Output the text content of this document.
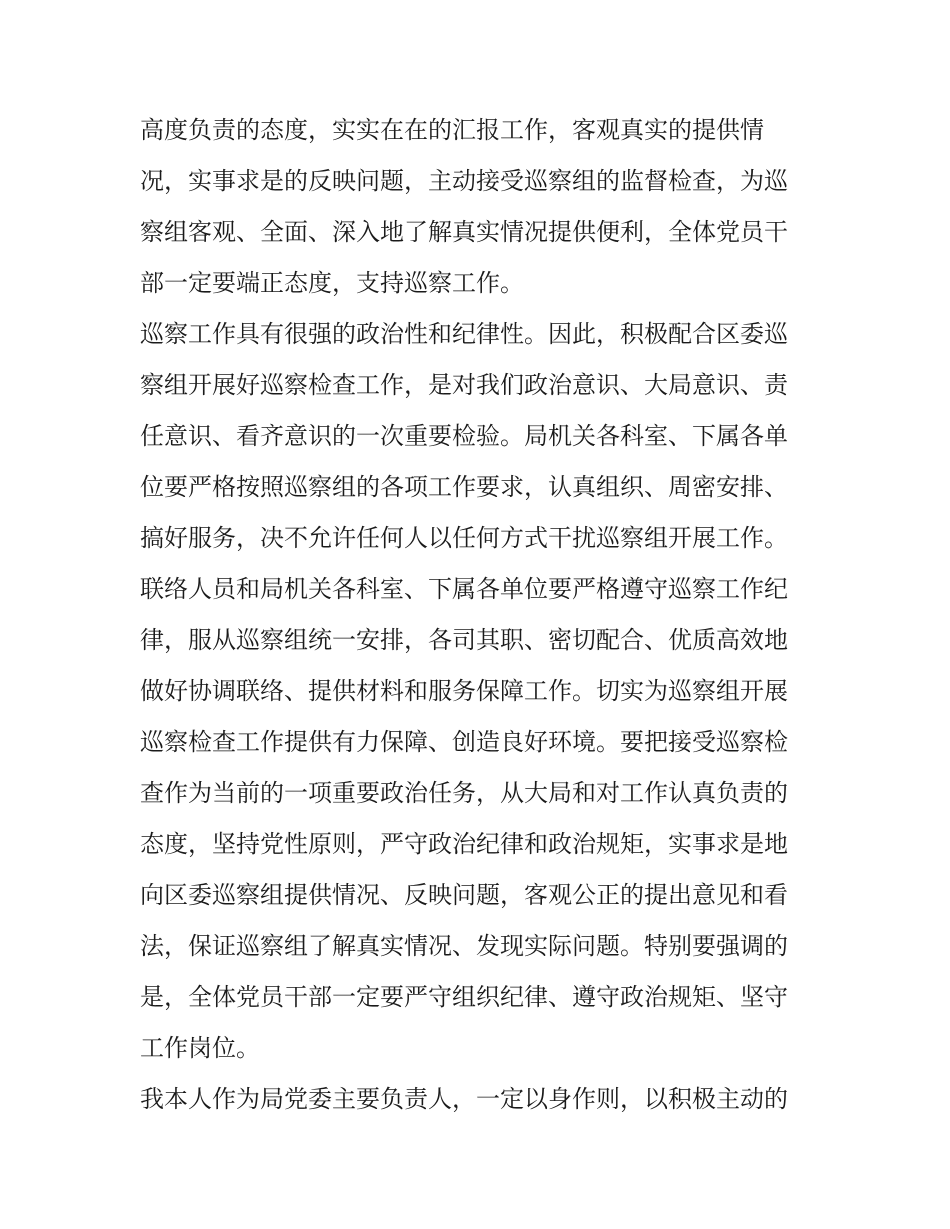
高度负责的态度，实实在在的汇报工作，客观真实的提供情
况，实事求是的反映问题，主动接受巡察组的监督检查，为巡
察组客观、全面、深入地了解真实情况提供便利，全体党员干
部一定要端正态度，支持巡察工作。
巡察工作具有很强的政治性和纪律性。因此，积极配合区委巡
察组开展好巡察检查工作，是对我们政治意识、大局意识、责
任意识、看齐意识的一次重要检验。局机关各科室、下属各单
位要严格按照巡察组的各项工作要求，认真组织、周密安排、
搞好服务，决不允许任何人以任何方式干扰巡察组开展工作。
联络人员和局机关各科室、下属各单位要严格遵守巡察工作纪
律，服从巡察组统一安排，各司其职、密切配合、优质高效地
做好协调联络、提供材料和服务保障工作。切实为巡察组开展
巡察检查工作提供有力保障、创造良好环境。要把接受巡察检
查作为当前的一项重要政治任务，从大局和对工作认真负责的
态度，坚持党性原则，严守政治纪律和政治规矩，实事求是地
向区委巡察组提供情况、反映问题，客观公正的提出意见和看
法，保证巡察组了解真实情况、发现实际问题。特别要强调的
是，全体党员干部一定要严守组织纪律、遵守政治规矩、坚守
工作岗位。
我本人作为局党委主要负责人，一定以身作则，以积极主动的
